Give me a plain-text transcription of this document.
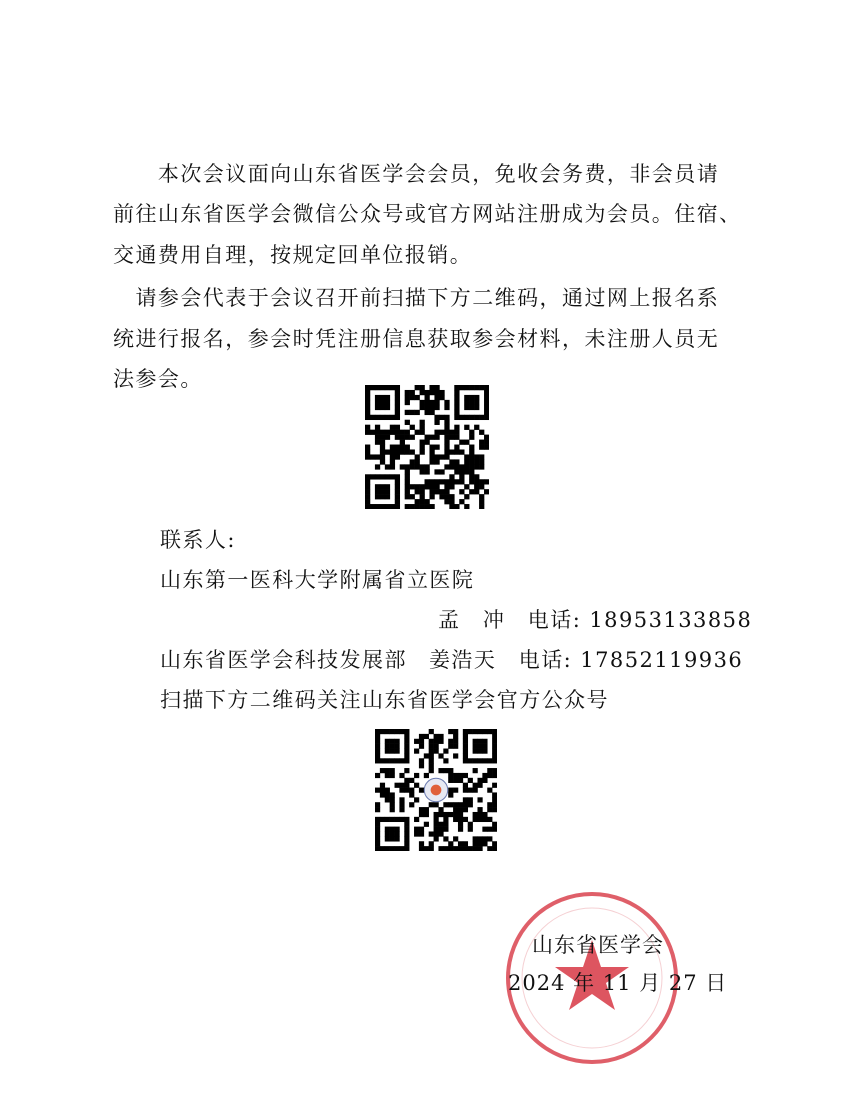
　　本次会议面向山东省医学会会员，免收会务费，非会员请
前往山东省医学会微信公众号或官方网站注册成为会员。住宿、
交通费用自理，按规定回单位报销。
　请参会代表于会议召开前扫描下方二维码，通过网上报名系
统进行报名，参会时凭注册信息获取参会材料，未注册人员无
法参会。
联系人:
山东第一医科大学附属省立医院
孟　冲　电话: 18953133858
山东省医学会科技发展部 姜浩天　电话: 17852119936
扫描下方二维码关注山东省医学会官方公众号
山东省医学会
2024 年 11 月 27 日
